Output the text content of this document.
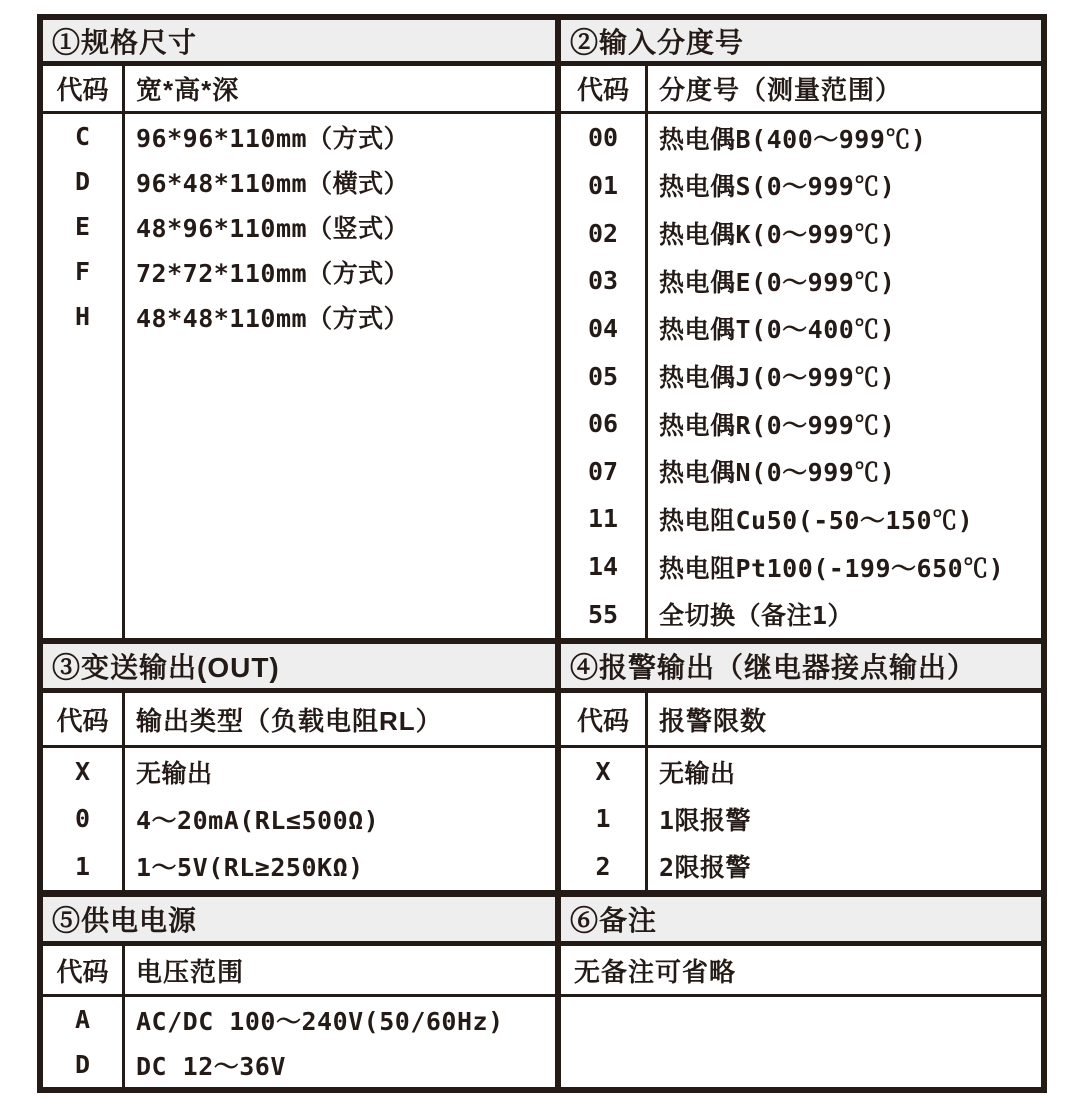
①规格尺寸	②输入分度号
代码	宽*高*深	代码	分度号（测量范围）
C	96*96*110mm（方式）
D	96*48*110mm（横式）
E	48*96*110mm（竖式）
F	72*72*110mm（方式）
H	48*48*110mm（方式）
00	热电偶B(400～999℃)
01	热电偶S(0～999℃)
02	热电偶K(0～999℃)
03	热电偶E(0～999℃)
04	热电偶T(0～400℃)
05	热电偶J(0～999℃)
06	热电偶R(0～999℃)
07	热电偶N(0～999℃)
11	热电阻Cu50(-50～150℃)
14	热电阻Pt100(-199～650℃)
55	全切换（备注1）
③变送输出(OUT)	④报警输出（继电器接点输出）
代码	输出类型（负载电阻RL）	代码	报警限数
X	无输出
0	4～20mA(RL≤500Ω)
1	1～5V(RL≥250KΩ)
X	无输出
1	1限报警
2	2限报警
⑤供电电源	⑥备注
代码	电压范围	无备注可省略
A	AC/DC 100～240V(50/60Hz)
D	DC 12～36V
